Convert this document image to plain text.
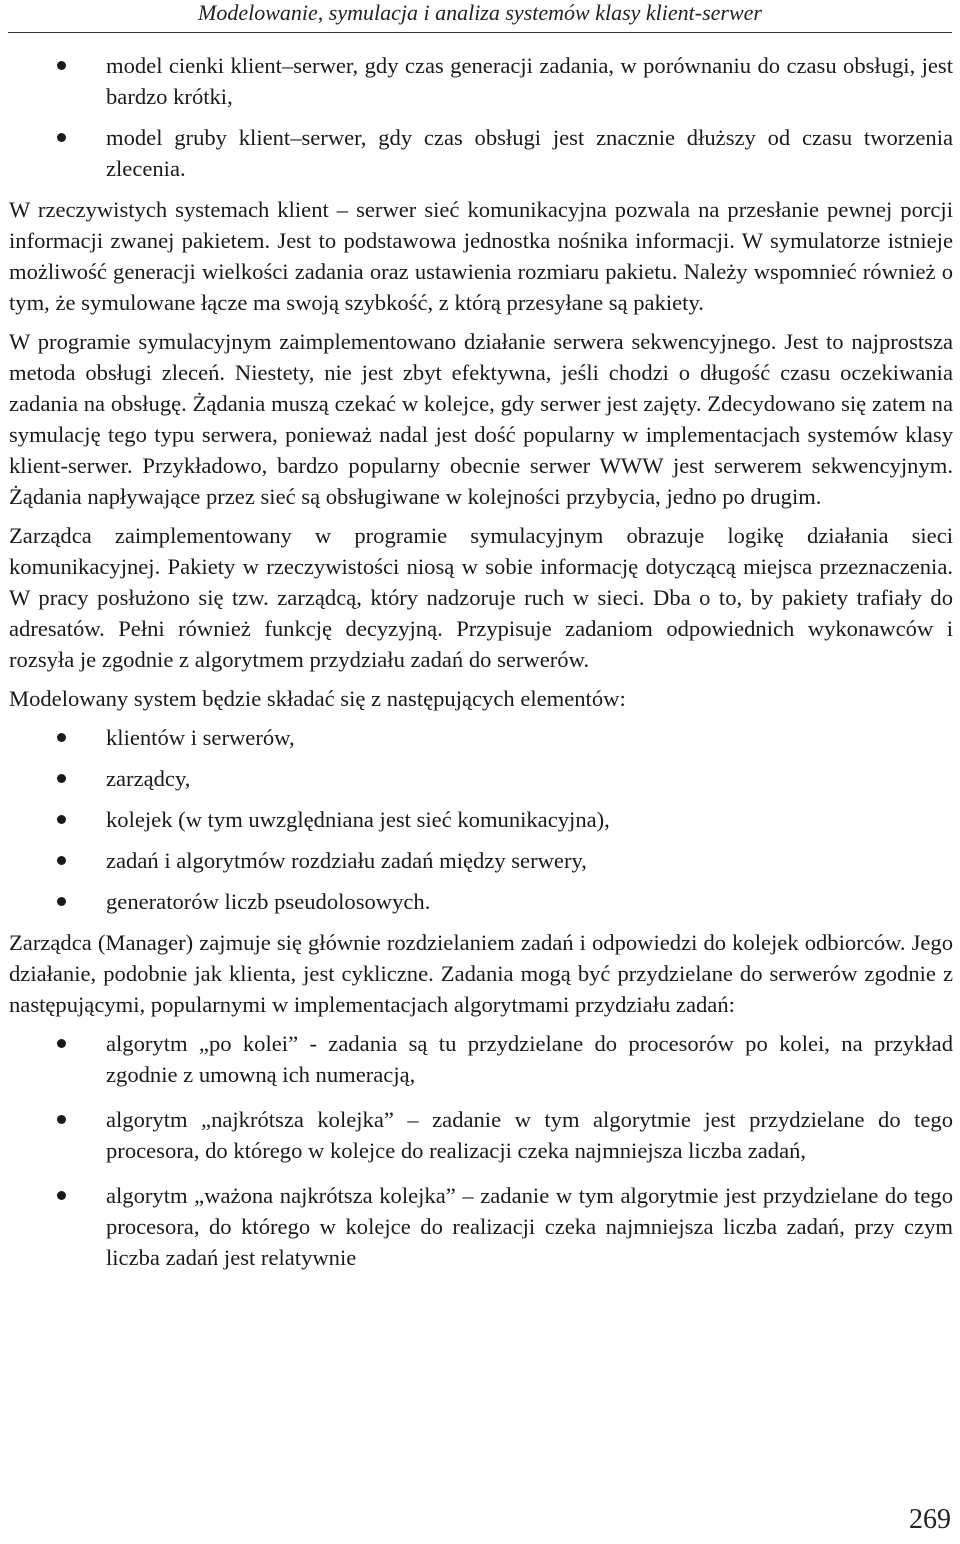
Modelowanie, symulacja i analiza systemów klasy klient-serwer
model cienki klient–serwer, gdy czas generacji zadania, w porównaniu do czasu obsługi, jest bardzo krótki,
model gruby klient–serwer, gdy czas obsługi jest znacznie dłuższy od czasu tworzenia zlecenia.

W rzeczywistych systemach klient – serwer sieć komunikacyjna pozwala na przesłanie pewnej porcji informacji zwanej pakietem. Jest to podstawowa jednostka nośnika informacji. W symulatorze istnieje możliwość generacji wielkości zadania oraz ustawienia rozmiaru pakietu. Należy wspomnieć również o tym, że symulowane łącze ma swoją szybkość, z którą przesyłane są pakiety.

W programie symulacyjnym zaimplementowano działanie serwera sekwencyjnego. Jest to najprostsza metoda obsługi zleceń. Niestety, nie jest zbyt efektywna, jeśli chodzi o długość czasu oczekiwania zadania na obsługę. Żądania muszą czekać w kolejce, gdy serwer jest zajęty. Zdecydowano się zatem na symulację tego typu serwera, ponieważ nadal jest dość popularny w implementacjach systemów klasy klient-serwer. Przykładowo, bardzo popularny obecnie serwer WWW jest serwerem sekwencyjnym. Żądania napływające przez sieć są obsługiwane w kolejności przybycia, jedno po drugim.

Zarządca zaimplementowany w programie symulacyjnym obrazuje logikę działania sieci komunikacyjnej. Pakiety w rzeczywistości niosą w sobie informację dotyczącą miejsca przeznaczenia. W pracy posłużono się tzw. zarządcą, który nadzoruje ruch w sieci. Dba o to, by pakiety trafiały do adresatów. Pełni również funkcję decyzyjną. Przypisuje zadaniom odpowiednich wykonawców i rozsyła je zgodnie z algorytmem przydziału zadań do serwerów.

Modelowany system będzie składać się z następujących elementów:

klientów i serwerów,
zarządcy,
kolejek (w tym uwzględniana jest sieć komunikacyjna),
zadań i algorytmów rozdziału zadań między serwery,
generatorów liczb pseudolosowych.

Zarządca (Manager) zajmuje się głównie rozdzielaniem zadań i odpowiedzi do kolejek odbiorców. Jego działanie, podobnie jak klienta, jest cykliczne. Zadania mogą być przydzielane do serwerów zgodnie z następującymi, popularnymi w implementacjach algorytmami przydziału zadań:

algorytm „po kolei” - zadania są tu przydzielane do procesorów po kolei, na przykład zgodnie z umowną ich numeracją,
algorytm „najkrótsza kolejka” – zadanie w tym algorytmie jest przydzielane do tego procesora, do którego w kolejce do realizacji czeka najmniejsza liczba zadań,
algorytm „ważona najkrótsza kolejka” – zadanie w tym algorytmie jest przydzielane do tego procesora, do którego w kolejce do realizacji czeka najmniejsza liczba zadań, przy czym liczba zadań jest relatywnie
269
